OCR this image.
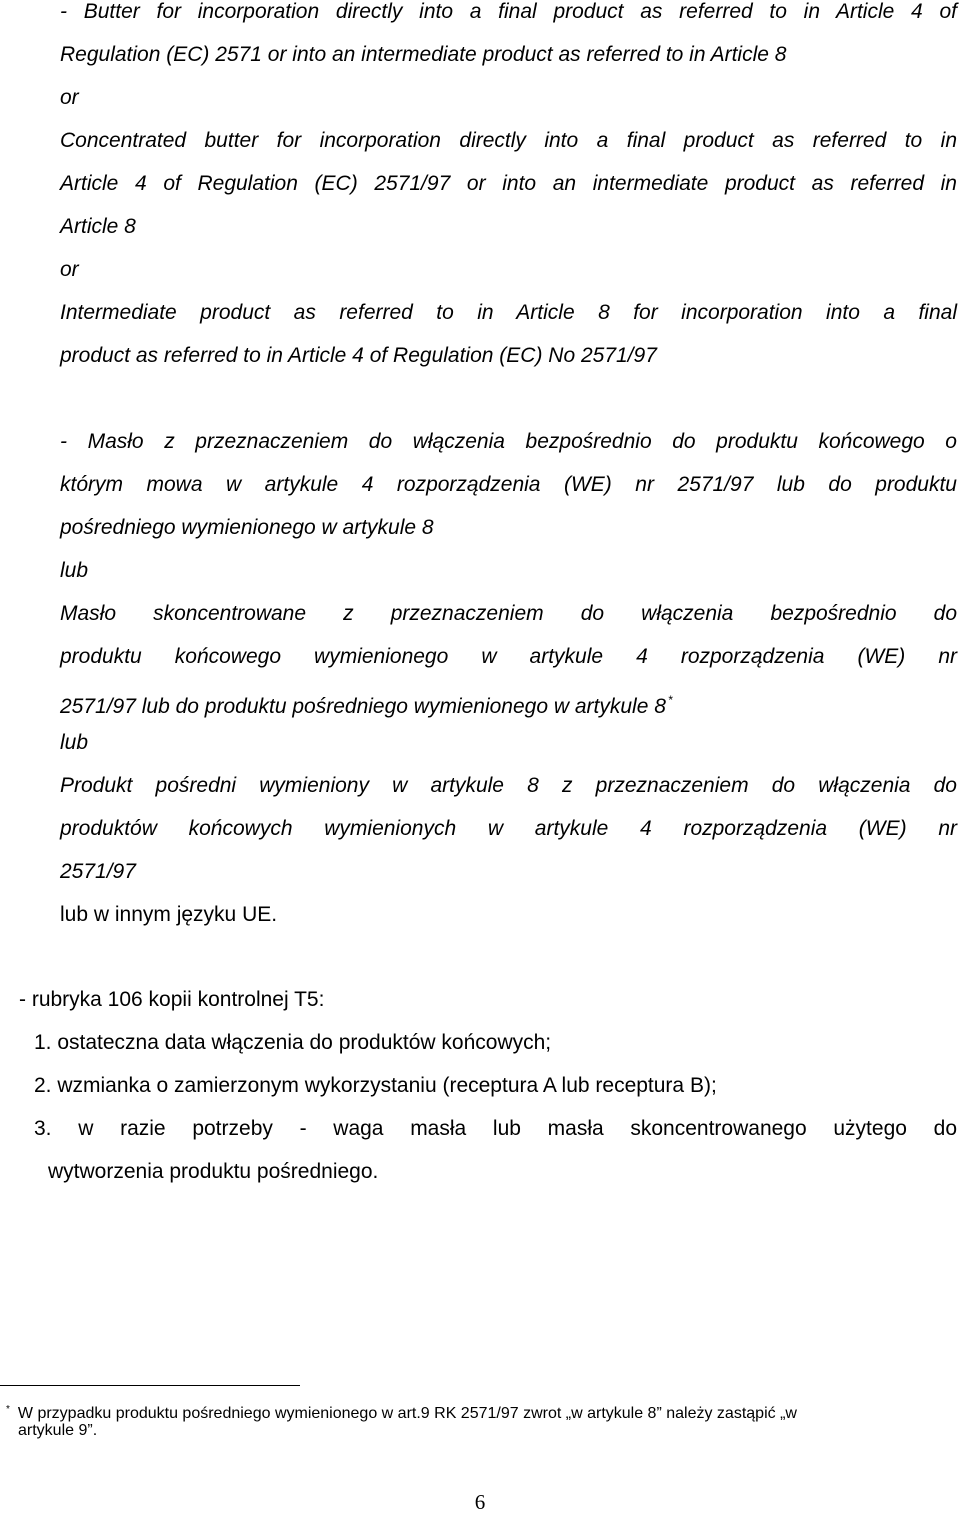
- Butter for incorporation directly into a final product as referred to in Article 4 of
Regulation (EC) 2571 or into an intermediate product as referred to in Article 8
or
Concentrated butter for incorporation directly into a final product as referred to in
Article 4 of Regulation (EC) 2571/97 or into an intermediate product as referred in
Article 8
or
Intermediate product as referred to in Article 8 for incorporation into a final
product as referred to in Article 4 of Regulation (EC) No 2571/97
- Masło z przeznaczeniem do włączenia bezpośrednio do produktu końcowego o
którym mowa w artykule 4 rozporządzenia (WE) nr 2571/97 lub do produktu
pośredniego wymienionego w artykule 8
lub
Masło skoncentrowane z przeznaczeniem do włączenia bezpośrednio do
produktu końcowego wymienionego w artykule 4 rozporządzenia (WE) nr
2571/97 lub do produktu pośredniego wymienionego w artykule 8 *
lub
Produkt pośredni wymieniony w artykule 8 z przeznaczeniem do włączenia do
produktów końcowych wymienionych w artykule 4 rozporządzenia (WE) nr
2571/97
lub w innym języku UE.
- rubryka 106 kopii kontrolnej T5:
1. ostateczna data włączenia do produktów końcowych;
2. wzmianka o zamierzonym wykorzystaniu (receptura A lub receptura B);
3. w razie potrzeby - waga masła lub masła skoncentrowanego użytego do
wytworzenia produktu pośredniego.
* W przypadku produktu pośredniego wymienionego w art.9 RK 2571/97 zwrot „w artykule 8” należy zastąpić „w
artykule 9”.
6
